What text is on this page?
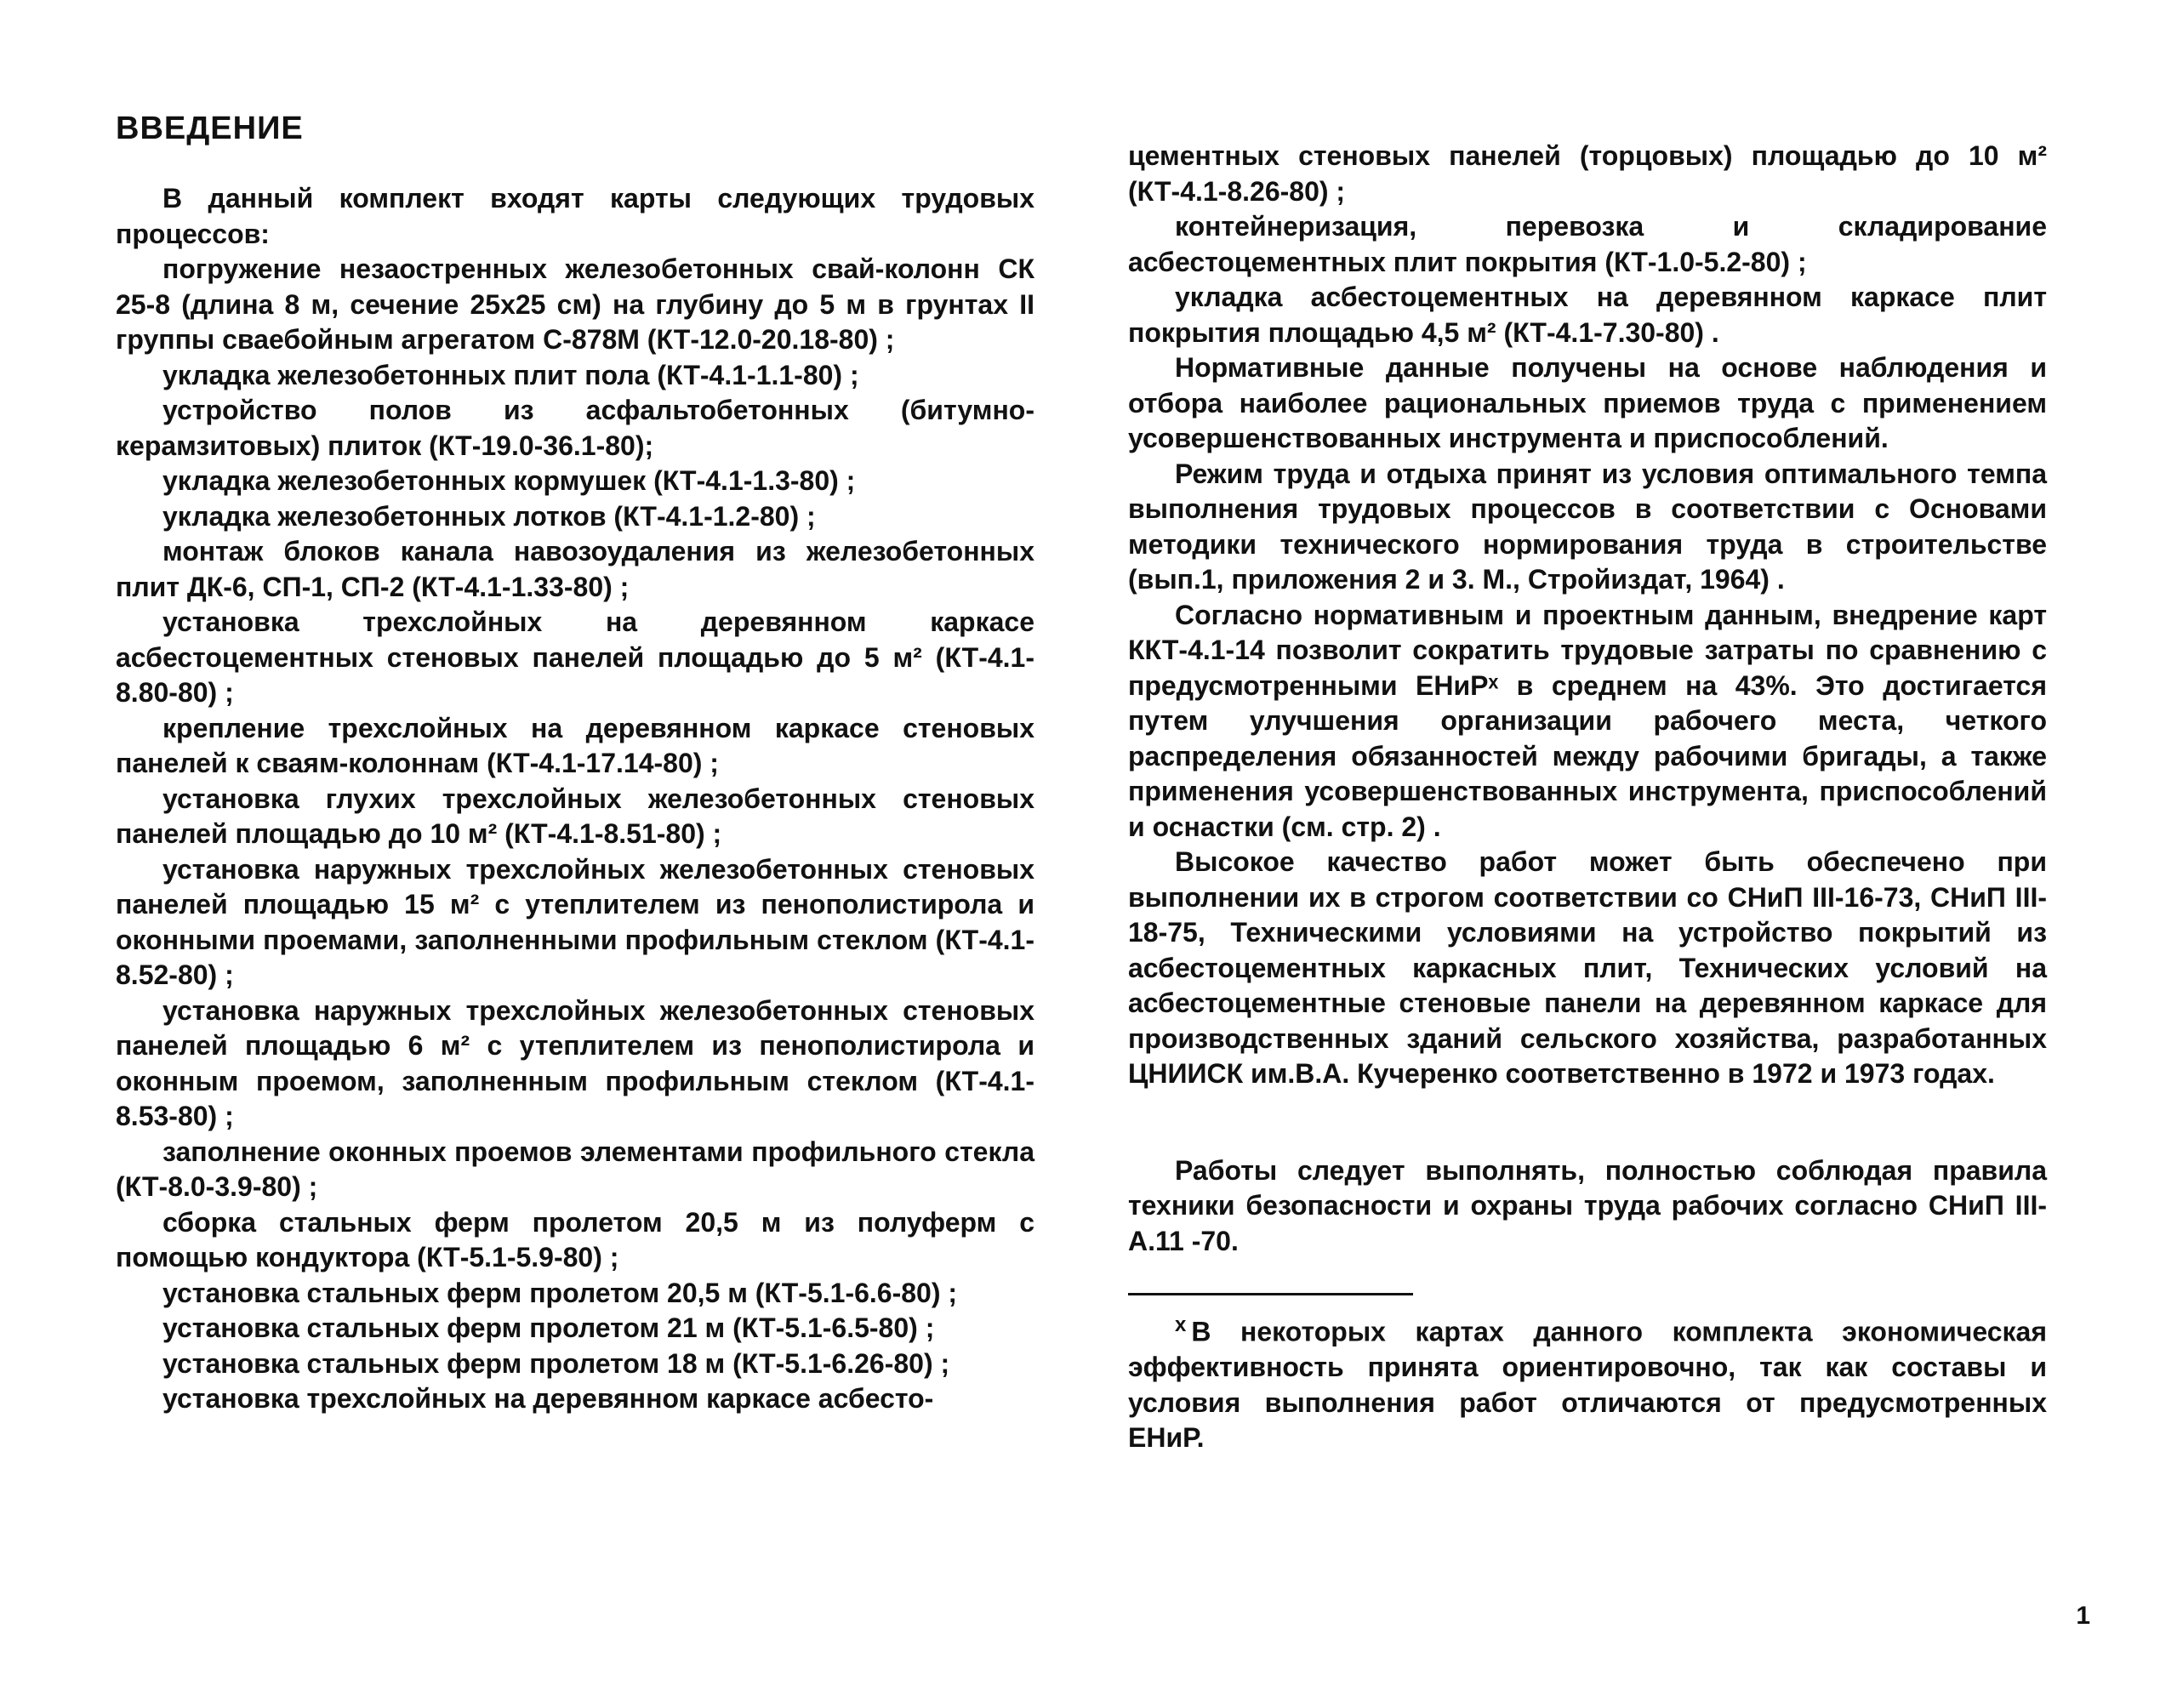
ВВЕДЕНИЕ

В данный комплект входят карты следующих трудовых процессов:

погружение незаостренных железобетонных свай-колонн СК 25-8 (длина 8 м, сечение 25х25 см) на глубину до 5 м в грунтах II группы сваебойным агрегатом С-878М (КТ-12.0-20.18-80) ;

укладка железобетонных плит пола (КТ-4.1-1.1-80) ;

устройство полов из асфальтобетонных (битумно-керамзитовых) плиток (КТ-19.0-36.1-80);

укладка железобетонных кормушек (КТ-4.1-1.3-80) ;

укладка железобетонных лотков (КТ-4.1-1.2-80) ;

монтаж блоков канала навозоудаления из железобетонных плит ДК-6, СП-1, СП-2 (КТ-4.1-1.33-80) ;

установка трехслойных на деревянном каркасе асбестоцементных стеновых панелей площадью до 5 м² (КТ-4.1-8.80-80) ;

крепление трехслойных на деревянном каркасе стеновых панелей к сваям-колоннам (КТ-4.1-17.14-80) ;

установка глухих трехслойных железобетонных стеновых панелей площадью до 10 м² (КТ-4.1-8.51-80) ;

установка наружных трехслойных железобетонных стеновых панелей площадью 15 м² с утеплителем из пенополистирола и оконными проемами, заполненными профильным стеклом (КТ-4.1-8.52-80) ;

установка наружных трехслойных железобетонных стеновых панелей площадью 6 м² с утеплителем из пенополистирола и оконным проемом, заполненным профильным стеклом (КТ-4.1-8.53-80) ;

заполнение оконных проемов элементами профильного стекла (КТ-8.0-3.9-80) ;

сборка стальных ферм пролетом 20,5 м из полуферм с помощью кондуктора (КТ-5.1-5.9-80) ;

установка стальных ферм пролетом 20,5 м (КТ-5.1-6.6-80) ;

установка стальных ферм пролетом 21 м (КТ-5.1-6.5-80) ;

установка стальных ферм пролетом 18 м (КТ-5.1-6.26-80) ;

установка трехслойных на деревянном каркасе асбесто-

цементных стеновых панелей (торцовых) площадью до 10 м² (КТ-4.1-8.26-80) ;

контейнеризация, перевозка и складирование асбестоцементных плит покрытия (КТ-1.0-5.2-80) ;

укладка асбестоцементных на деревянном каркасе плит покрытия площадью 4,5 м² (КТ-4.1-7.30-80) .

Нормативные данные получены на основе наблюдения и отбора наиболее рациональных приемов труда с применением усовершенствованных инструмента и приспособлений.

Режим труда и отдыха принят из условия оптимального темпа выполнения трудовых процессов в соответствии с Основами методики технического нормирования труда в строительстве (вып.1, приложения 2 и 3. М., Стройиздат, 1964) .

Согласно нормативным и проектным данным, внедрение карт ККТ-4.1-14 позволит сократить трудовые затраты по сравнению с предусмотренными ЕНиРˣ в среднем на 43%. Это достигается путем улучшения организации рабочего места, четкого распределения обязанностей между рабочими бригады, а также применения усовершенствованных инструмента, приспособлений и оснастки (см. стр. 2) .

Высокое качество работ может быть обеспечено при выполнении их в строгом соответствии со СНиП III-16-73, СНиП III-18-75, Техническими условиями на устройство покрытий из асбестоцементных каркасных плит, Технических условий на асбестоцементные стеновые панели на деревянном каркасе для производственных зданий сельского хозяйства, разработанных ЦНИИСК им.В.А. Кучеренко соответственно в 1972 и 1973 годах.

Работы следует выполнять, полностью соблюдая правила техники безопасности и охраны труда рабочих согласно СНиП III-А.11 -70.

$^x$ В некоторых картах данного комплекта экономическая эффективность принята ориентировочно, так как составы и условия выполнения работ отличаются от предусмотренных ЕНиР.

1
